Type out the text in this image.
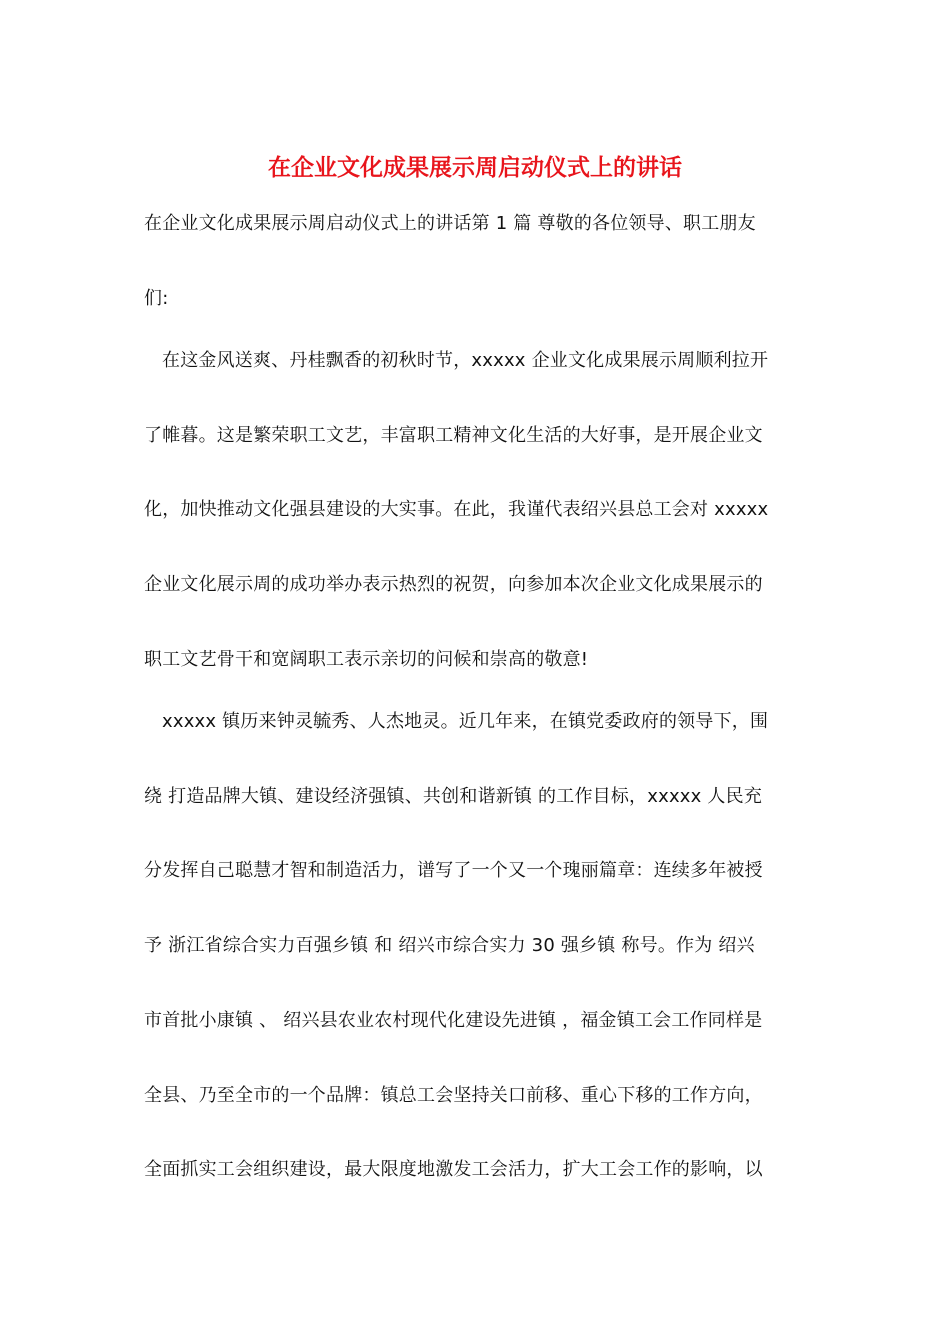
在企业文化成果展示周启动仪式上的讲话
在企业文化成果展示周启动仪式上的讲话第 1 篇 尊敬的各位领导、职工朋友
们:
在这金风送爽、丹桂飘香的初秋时节，xxxxx 企业文化成果展示周顺利拉开
了帷暮。这是繁荣职工文艺，丰富职工精神文化生活的大好事，是开展企业文
化，加快推动文化强县建设的大实事。在此，我谨代表绍兴县总工会对 xxxxx
企业文化展示周的成功举办表示热烈的祝贺，向参加本次企业文化成果展示的
职工文艺骨干和宽阔职工表示亲切的问候和崇高的敬意!
xxxxx 镇历来钟灵毓秀、人杰地灵。近几年来，在镇党委政府的领导下，围
绕 打造品牌大镇、建设经济强镇、共创和谐新镇 的工作目标，xxxxx 人民充
分发挥自己聪慧才智和制造活力，谱写了一个又一个瑰丽篇章：连续多年被授
予 浙江省综合实力百强乡镇 和 绍兴市综合实力 30 强乡镇 称号。作为 绍兴
市首批小康镇 、 绍兴县农业农村现代化建设先进镇 ，福金镇工会工作同样是
全县、乃至全市的一个品牌：镇总工会坚持关口前移、重心下移的工作方向，
全面抓实工会组织建设，最大限度地激发工会活力，扩大工会工作的影响，以
